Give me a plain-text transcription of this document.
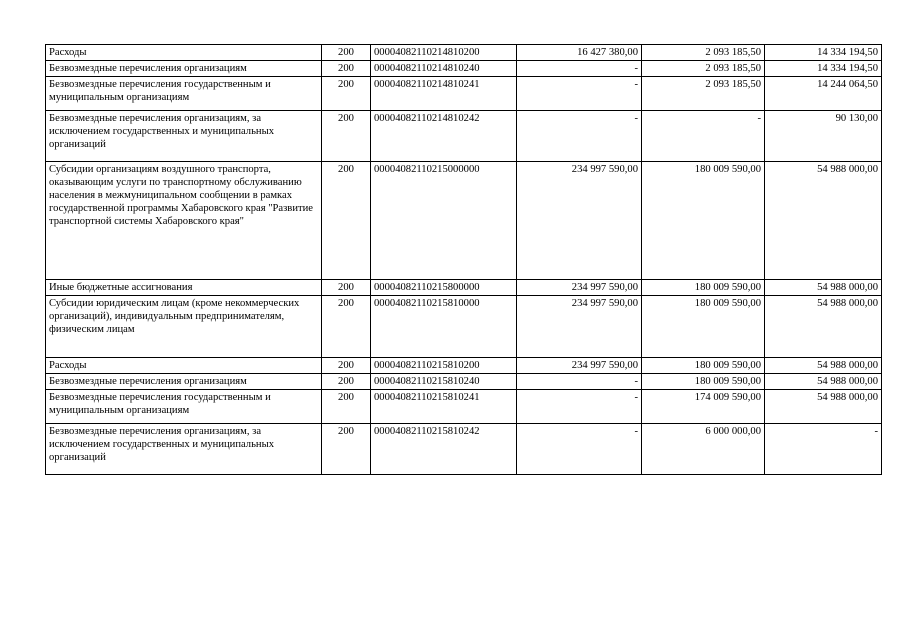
Расходы	200	00004082110214810200	16 427 380,00	2 093 185,50	14 334 194,50
Безвозмездные перечисления организациям	200	00004082110214810240	-	2 093 185,50	14 334 194,50
Безвозмездные перечисления государственным и муниципальным организациям	200	00004082110214810241	-	2 093 185,50	14 244 064,50
Безвозмездные перечисления организациям, за исключением государственных и муниципальных организаций	200	00004082110214810242	-	-	90 130,00
Субсидии организациям воздушного транспорта, оказывающим услуги по транспортному обслуживанию населения в межмуниципальном сообщении в рамках государственной программы Хабаровского края "Развитие транспортной системы Хабаровского края"	200	00004082110215000000	234 997 590,00	180 009 590,00	54 988 000,00
Иные бюджетные ассигнования	200	00004082110215800000	234 997 590,00	180 009 590,00	54 988 000,00
Субсидии юридическим лицам (кроме некоммерческих организаций), индивидуальным предпринимателям, физическим лицам	200	00004082110215810000	234 997 590,00	180 009 590,00	54 988 000,00
Расходы	200	00004082110215810200	234 997 590,00	180 009 590,00	54 988 000,00
Безвозмездные перечисления организациям	200	00004082110215810240	-	180 009 590,00	54 988 000,00
Безвозмездные перечисления государственным и муниципальным организациям	200	00004082110215810241	-	174 009 590,00	54 988 000,00
Безвозмездные перечисления организациям, за исключением государственных и муниципальных организаций	200	00004082110215810242	-	6 000 000,00	-
